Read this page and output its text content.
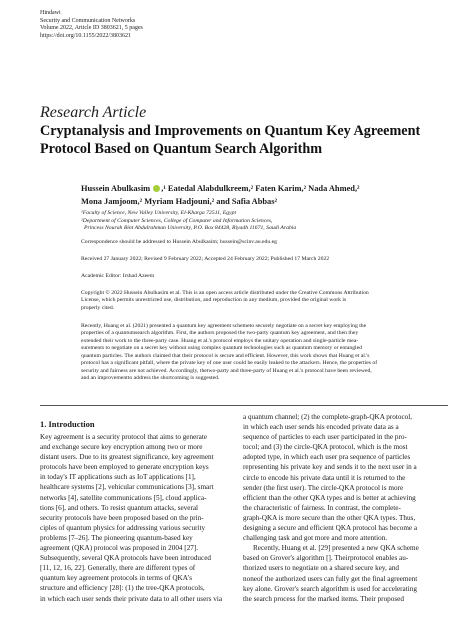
Hindawi
Security and Communication Networks
Volume 2022, Article ID 3803621, 5 pages
https://doi.org/10.1155/2022/3803621
Research Article
Cryptanalysis and Improvements on Quantum Key Agreement
Protocol Based on Quantum Search Algorithm
Hussein Abulkasim ,¹ Eatedal Alabdulkreem,² Faten Karim,² Nada Ahmed,²
Mona Jamjoom,² Myriam Hadjouni,² and Safia Abbas²
¹Faculty of Science, New Valley University, El-Kharga 72511, Egypt
²Department of Computer Sciences, College of Computer and Information Sciences,
Princess Nourah Bint Abdulrahman University, P.O. Box 84428, Riyadh 11671, Saudi Arabia
Correspondence should be addressed to Hussein Abulkasim; hussein@scinv.au.edu.eg
Received 27 January 2022; Revised 9 February 2022; Accepted 24 February 2022; Published 17 March 2022
Academic Editor: Irshad Azeem
Copyright © 2022 Hussein Abulkasim et al. This is an open access article distributed under the Creative Commons Attribution
License, which permits unrestricted use, distribution, and reproduction in any medium, provided the original work is
properly cited.
Recently, Huang et al. (2021) presented a quantum key agreement schemeto securely negotiate on a secret key employing the
properties of a quantumsearch algorithm. First, the authors proposed the two-party quantum key agreement, and then they
extended their work to the three-party case. Huang et al.'s protocol employs the unitary operation and single-particle mea-
surements to negotiate on a secret key without using complex quantum technologies such as quantum memory or entangled
quantum particles. The authors claimed that their protocol is secure and efficient. However, this work shows that Huang et al.'s
protocol has a significant pitfall, where the private key of one user could be easily leaked to the attackers. Hence, the properties of
security and fairness are not achieved. Accordingly, thetwo-party and three-party of Huang et al.'s protocol have been reviewed,
and an improvementto address the shortcoming is suggested.
1. Introduction
Key agreement is a security protocol that aims to generate
and exchange secure key encryption among two or more
distant users. Due to its greatest significance, key agreement
protocols have been employed to generate encryption keys
in today's IT applications such as IoT applications [1],
healthcare systems [2], vehicular communications [3], smart
networks [4], satellite communications [5], cloud applica-
tions [6], and others. To resist quantum attacks, several
security protocols have been proposed based on the prin-
ciples of quantum physics for addressing various security
problems [7–26]. The pioneering quantum-based key
agreement (QKA) protocol was proposed in 2004 [27].
Subsequently, several QKA protocols have been introduced
[11, 12, 16, 22]. Generally, there are different types of
quantum key agreement protocols in terms of QKA's
structure and efficiency [28]: (1) the tree-QKA protocols,
in which each user sends their private data to all other users via
a quantum channel; (2) the complete-graph-QKA protocol,
in which each user sends his encoded private data as a
sequence of particles to each user participated in the pro-
tocol; and (3) the circle-QKA protocol, which is the most
adopted type, in which each user pra sequence of particles
representing his private key and sends it to the next user in a
circle to encode his private data until it is returned to the
sender (the first user). The circle-QKA protocol is more
efficient than the other QKA types and is better at achieving
the characteristic of fairness. In contrast, the complete-
graph-QKA is more secure than the other QKA types. Thus,
designing a secure and efficient QKA protocol has become a
challenging task and got more and more attention.
Recently, Huang et al. [29] presented a new QKA scheme
based on Grover's algorithm []. Theirprotocol enables au-
thorized users to negotiate on a shared secure key, and
noneof the authorized users can fully get the final agreement
key alone. Grover's search algorithm is used for accelerating
the search process for the marked items. Their proposed
